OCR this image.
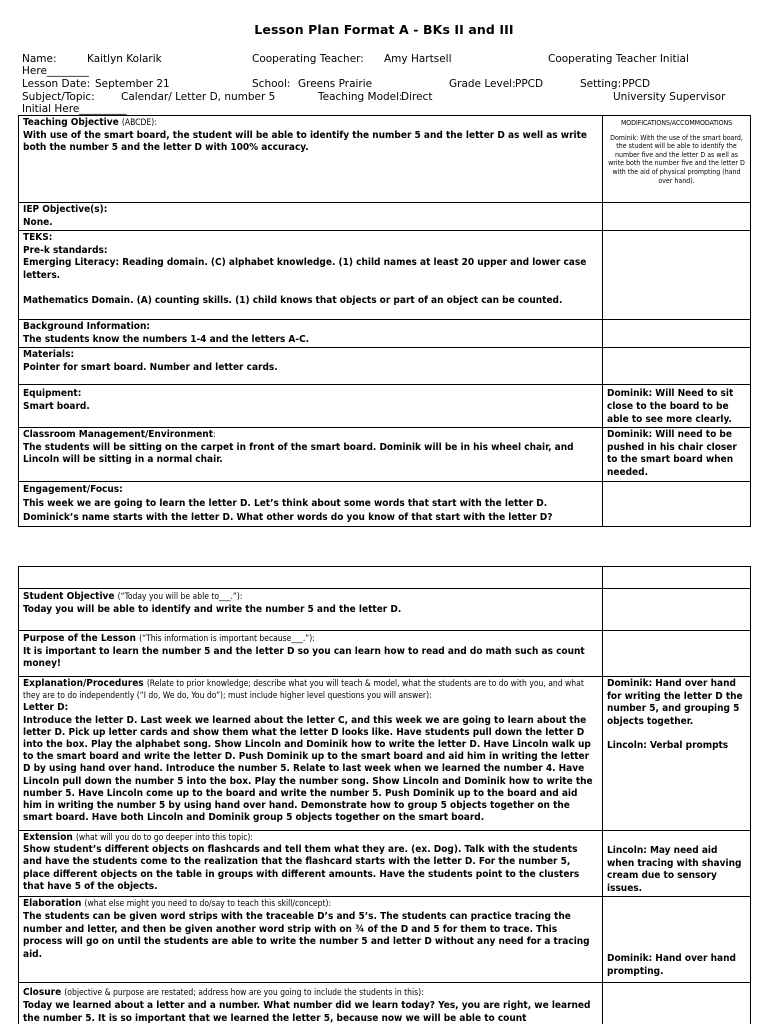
Lesson Plan Format A - BKs II and III
Name:	Kaitlyn Kolarik	Cooperating Teacher: Amy Hartsell	Cooperating Teacher Initial
Here________
Lesson Date: September 21	School: Greens Prairie	Grade Level: PPCD	Setting: PPCD
Subject/Topic:	Calendar/ Letter D, number 5	Teaching Model:
Direct	University Supervisor
Initial Here_________
Teaching Objective (ABCDE):
With use of the smart board, the student will be able to identify the number 5 and the letter D as well as write both the number 5 and the letter D with 100% accuracy.	MODIFICATIONS/ACCOMMODATIONS
Dominik: With the use of the smart board, the student will be able to identify the number five and the letter D as well as write both the number five and the letter D with the aid of physical prompting (hand over hand).

IEP Objective(s):
None.	

TEKS:
Pre-k standards:
Emerging Literacy: Reading domain. (C) alphabet knowledge. (1) child names at least 20 upper and lower case letters.
Mathematics Domain. (A) counting skills. (1) child knows that objects or part of an object can be counted.	

Background Information:
The students know the numbers 1-4 and the letters A-C.	

Materials:
Pointer for smart board. Number and letter cards.	

Equipment:
Smart board.	Dominik: Will Need to sit close to the board to be able to see more clearly.

Classroom Management/Environment:
The students will be sitting on the carpet in front of the smart board. Dominik will be in his wheel chair, and Lincoln will be sitting in a normal chair.	Dominik: Will need to be pushed in his chair closer to the smart board when needed.

Engagement/Focus:
This week we are going to learn the letter D. Let’s think about some words that start with the letter D. Dominick’s name starts with the letter D. What other words do you know of that start with the letter D?	

Student Objective (“Today you will be able to___.”):
Today you will be able to identify and write the number 5 and the letter D.	

Purpose of the Lesson (“This information is important because___.”):
It is important to learn the number 5 and the letter D so you can learn how to read and do math such as count money!	

Explanation/Procedures (Relate to prior knowledge; describe what you will teach & model, what the students are to do with you, and what they are to do independently (“I do, We do, You do”); must include higher level questions you will answer):
Letter D:
Introduce the letter D. Last week we learned about the letter C, and this week we are going to learn about the letter D. Pick up letter cards and show them what the letter D looks like. Have students pull down the letter D into the box. Play the alphabet song. Show Lincoln and Dominik how to write the letter D. Have Lincoln walk up to the smart board and write the letter D. Push Dominik up to the smart board and aid him in writing the letter D by using hand over hand. Introduce the number 5. Relate to last week when we learned the number 4. Have Lincoln pull down the number 5 into the box. Play the number song. Show Lincoln and Dominik how to write the number 5. Have Lincoln come up to the board and write the number 5. Push Dominik up to the board and aid him in writing the number 5 by using hand over hand. Demonstrate how to group 5 objects together on the smart board. Have both Lincoln and Dominik group 5 objects together on the smart board.	Dominik: Hand over hand for writing the letter D the number 5, and grouping 5 objects together.
Lincoln: Verbal prompts

Extension (what will you do to go deeper into this topic):
Show student’s different objects on flashcards and tell them what they are. (ex. Dog). Talk with the students and have the students come to the realization that the flashcard starts with the letter D. For the number 5, place different objects on the table in groups with different amounts. Have the students point to the clusters that have 5 of the objects.	Lincoln: May need aid when tracing with shaving cream due to sensory issues.

Elaboration (what else might you need to do/say to teach this skill/concept):
The students can be given word strips with the traceable D’s and 5’s. The students can practice tracing the number and letter, and then be given another word strip with on ¾ of the D and 5 for them to trace. This process will go on until the students are able to write the number 5 and letter D without any need for a tracing aid.	Dominik: Hand over hand prompting.

Closure (objective & purpose are restated; address how are you going to include the students in this):
Today we learned about a letter and a number. What number did we learn today? Yes, you are right, we learned the number 5. It is so important that we learned the letter 5, because now we will be able to count	
